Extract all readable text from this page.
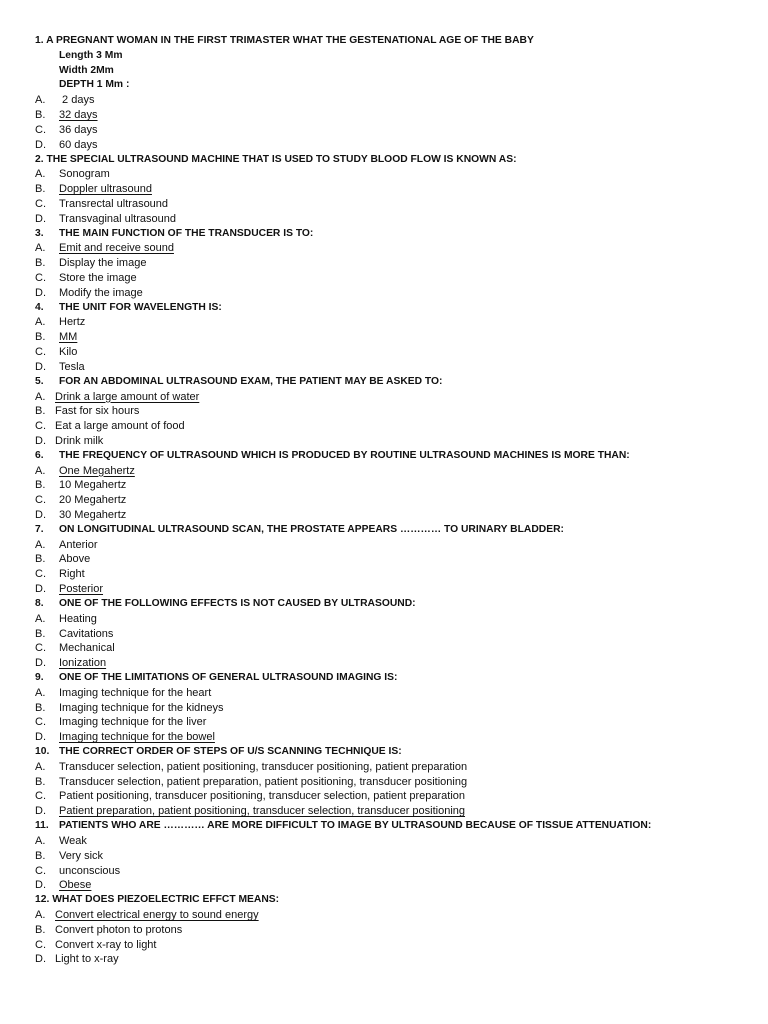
1. A PREGNANT WOMAN IN THE FIRST TRIMASTER WHAT THE GESTENATIONAL AGE OF THE BABY
Length 3 Mm
Width 2Mm
DEPTH 1 Mm :
A. 2 days
B. 32 days
C. 36 days
D. 60 days
2. THE SPECIAL ULTRASOUND MACHINE THAT IS USED TO STUDY BLOOD FLOW IS KNOWN AS:
A. Sonogram
B. Doppler ultrasound
C. Transrectal ultrasound
D. Transvaginal ultrasound
3. THE MAIN FUNCTION OF THE TRANSDUCER IS TO:
A. Emit and receive sound
B. Display the image
C. Store the image
D. Modify the image
4. THE UNIT FOR WAVELENGTH IS:
A. Hertz
B. MM
C. Kilo
D. Tesla
5. FOR AN ABDOMINAL ULTRASOUND EXAM, THE PATIENT MAY BE ASKED TO:
A. Drink a large amount of water
B. Fast for six hours
C. Eat a large amount of food
D. Drink milk
6. THE FREQUENCY OF ULTRASOUND WHICH IS PRODUCED BY ROUTINE ULTRASOUND MACHINES IS MORE THAN:
A. One Megahertz
B. 10 Megahertz
C. 20 Megahertz
D. 30 Megahertz
7. ON LONGITUDINAL ULTRASOUND SCAN, THE PROSTATE APPEARS ………… TO URINARY BLADDER:
A. Anterior
B. Above
C. Right
D. Posterior
8. ONE OF THE FOLLOWING EFFECTS IS NOT CAUSED BY ULTRASOUND:
A. Heating
B. Cavitations
C. Mechanical
D. Ionization
9. ONE OF THE LIMITATIONS OF GENERAL ULTRASOUND IMAGING IS:
A. Imaging technique for the heart
B. Imaging technique for the kidneys
C. Imaging technique for the liver
D. Imaging technique for the bowel
10. THE CORRECT ORDER OF STEPS OF U/S SCANNING TECHNIQUE IS:
A. Transducer selection, patient positioning, transducer positioning, patient preparation
B. Transducer selection, patient preparation, patient positioning, transducer positioning
C. Patient positioning, transducer positioning, transducer selection, patient preparation
D. Patient preparation, patient positioning, transducer selection, transducer positioning
11. PATIENTS WHO ARE ………… ARE MORE DIFFICULT TO IMAGE BY ULTRASOUND BECAUSE OF TISSUE ATTENUATION:
A. Weak
B. Very sick
C. unconscious
D. Obese
12. WHAT DOES PIEZOELECTRIC EFFCT MEANS:
A. Convert electrical energy to sound energy
B. Convert photon to protons
C. Convert x-ray to light
D. Light to x-ray
